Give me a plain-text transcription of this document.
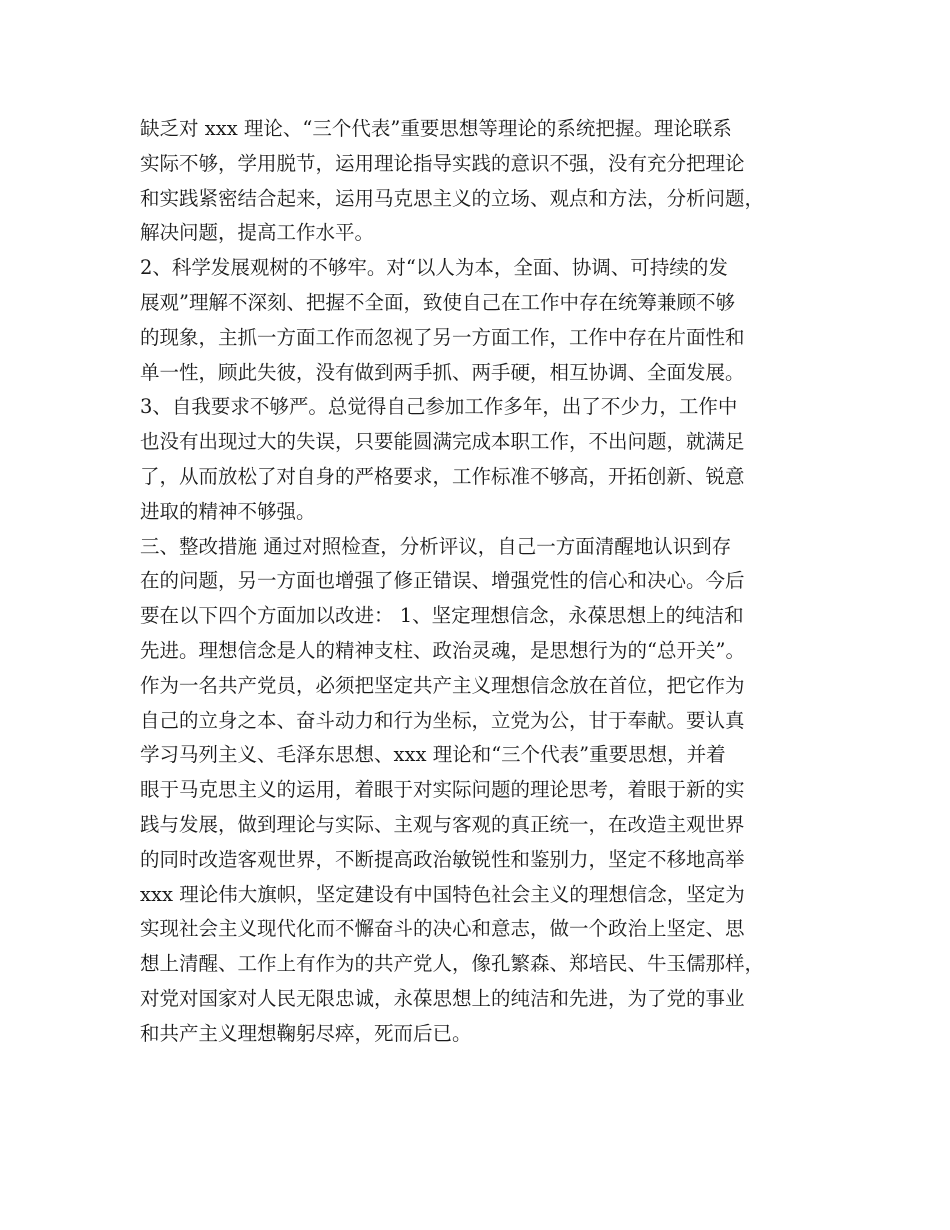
缺乏对 xxx 理论、“三个代表”重要思想等理论的系统把握。理论联系
实际不够，学用脱节，运用理论指导实践的意识不强，没有充分把理论
和实践紧密结合起来，运用马克思主义的立场、观点和方法，分析问题，
解决问题，提高工作水平。
2、科学发展观树的不够牢。对“以人为本，全面、协调、可持续的发
展观”理解不深刻、把握不全面，致使自己在工作中存在统筹兼顾不够
的现象，主抓一方面工作而忽视了另一方面工作，工作中存在片面性和
单一性，顾此失彼，没有做到两手抓、两手硬，相互协调、全面发展。
3、自我要求不够严。总觉得自己参加工作多年，出了不少力，工作中
也没有出现过大的失误，只要能圆满完成本职工作，不出问题，就满足
了，从而放松了对自身的严格要求，工作标准不够高，开拓创新、锐意
进取的精神不够强。
三、整改措施 通过对照检查，分析评议，自己一方面清醒地认识到存
在的问题，另一方面也增强了修正错误、增强党性的信心和决心。今后
要在以下四个方面加以改进： 1、坚定理想信念，永葆思想上的纯洁和
先进。理想信念是人的精神支柱、政治灵魂，是思想行为的“总开关”。
作为一名共产党员，必须把坚定共产主义理想信念放在首位，把它作为
自己的立身之本、奋斗动力和行为坐标，立党为公，甘于奉献。要认真
学习马列主义、毛泽东思想、xxx 理论和“三个代表”重要思想，并着
眼于马克思主义的运用，着眼于对实际问题的理论思考，着眼于新的实
践与发展，做到理论与实际、主观与客观的真正统一，在改造主观世界
的同时改造客观世界，不断提高政治敏锐性和鉴别力，坚定不移地高举
xxx 理论伟大旗帜，坚定建设有中国特色社会主义的理想信念，坚定为
实现社会主义现代化而不懈奋斗的决心和意志，做一个政治上坚定、思
想上清醒、工作上有作为的共产党人，像孔繁森、郑培民、牛玉儒那样，
对党对国家对人民无限忠诚，永葆思想上的纯洁和先进，为了党的事业
和共产主义理想鞠躬尽瘁，死而后已。
